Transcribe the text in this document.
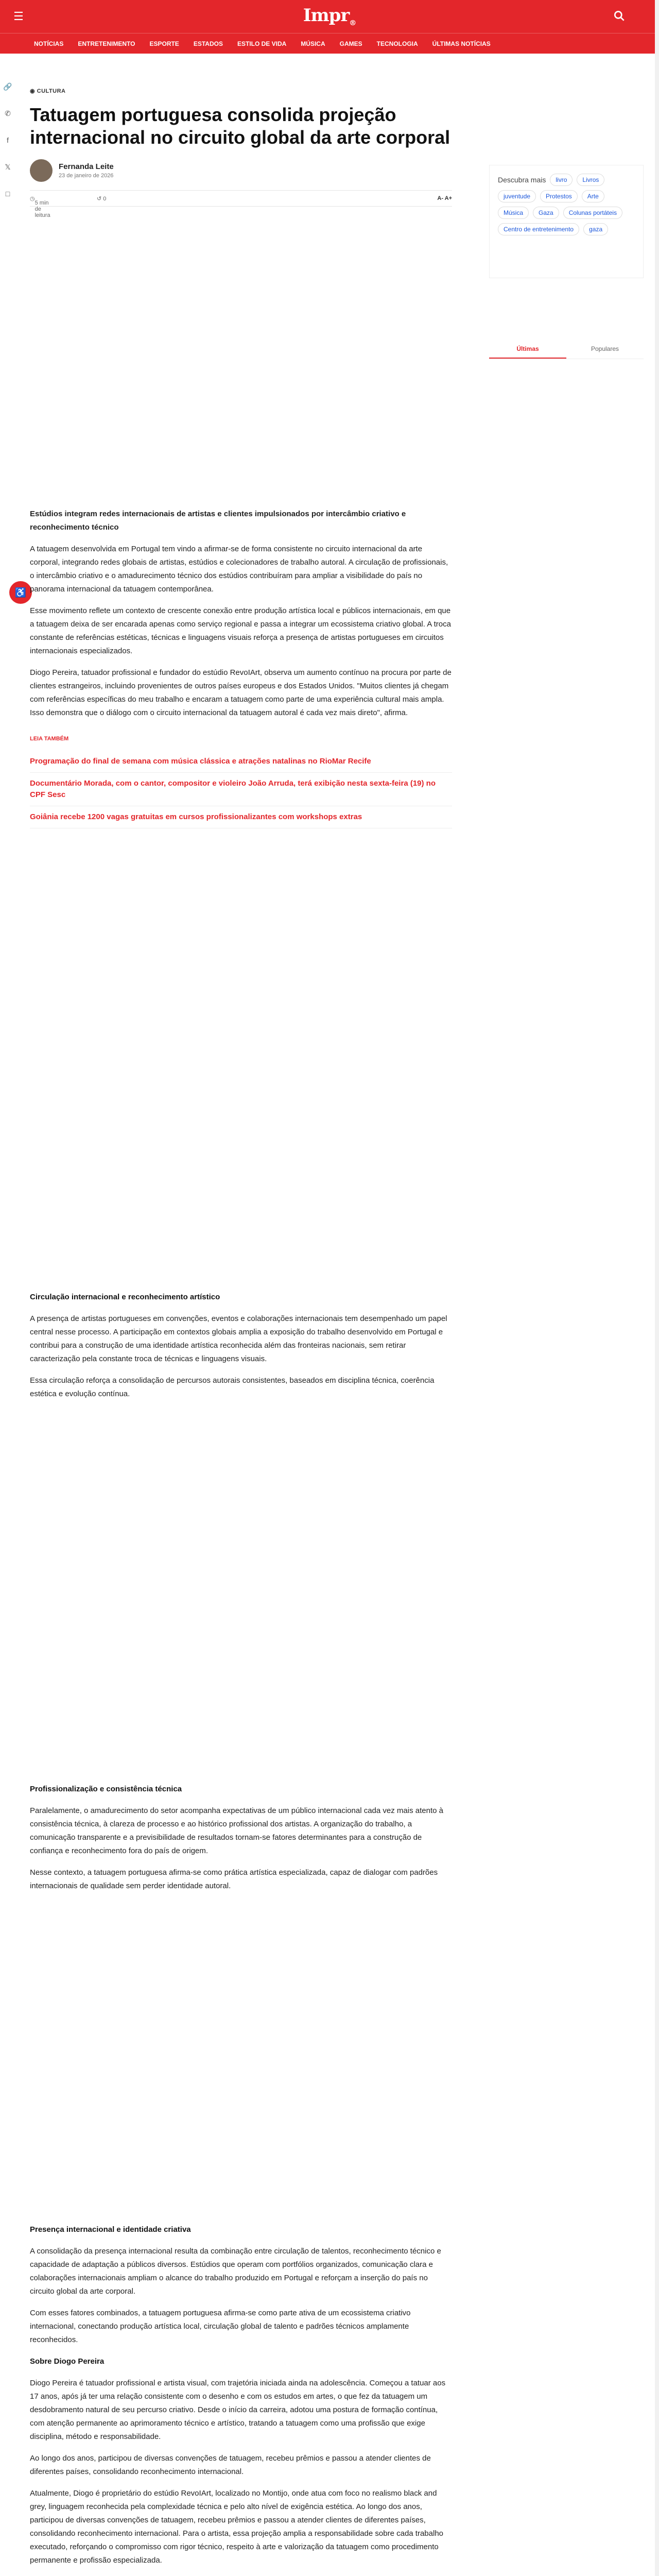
☰	Impr$_®$
NOTÍCIAS	ENTRETENIMENTO	ESPORTE	ESTADOS	ESTILO DE VIDA	MÚSICA	GAMES	TECNOLOGIA	ÚLTIMAS NOTÍCIAS
🔗
✆
f
𝕏
□
♿
◉ CULTURA
Tatuagem portuguesa consolida projeção internacional no circuito global da arte corporal
Fernanda Leite
23 de janeiro de 2026
◷
5 min de leitura
↺ 0	A- A+
Descubra mais	livro	Livros
juventude	Protestos	Arte
Música	Gaza	Colunas portáteis
Centro de entretenimento	gaza
Últimas	Populares

Estúdios integram redes internacionais de artistas e clientes impulsionados por intercâmbio criativo e reconhecimento técnico

A tatuagem desenvolvida em Portugal tem vindo a afirmar-se de forma consistente no circuito internacional da arte corporal, integrando redes globais de artistas, estúdios e colecionadores de trabalho autoral. A circulação de profissionais, o intercâmbio criativo e o amadurecimento técnico dos estúdios contribuíram para ampliar a visibilidade do país no panorama internacional da tatuagem contemporânea.

Esse movimento reflete um contexto de crescente conexão entre produção artística local e públicos internacionais, em que a tatuagem deixa de ser encarada apenas como serviço regional e passa a integrar um ecossistema criativo global. A troca constante de referências estéticas, técnicas e linguagens visuais reforça a presença de artistas portugueses em circuitos internacionais especializados.

Diogo Pereira, tatuador profissional e fundador do estúdio RevoIArt, observa um aumento contínuo na procura por parte de clientes estrangeiros, incluindo provenientes de outros países europeus e dos Estados Unidos. "Muitos clientes já chegam com referências específicas do meu trabalho e encaram a tatuagem como parte de uma experiência cultural mais ampla. Isso demonstra que o diálogo com o circuito internacional da tatuagem autoral é cada vez mais direto", afirma.

LEIA TAMBÉM
Programação do final de semana com música clássica e atrações natalinas no RioMar Recife
Documentário Morada, com o cantor, compositor e violeiro João Arruda, terá exibição nesta sexta-feira (19) no CPF Sesc
Goiânia recebe 1200 vagas gratuitas em cursos profissionalizantes com workshops extras
Circulação internacional e reconhecimento artístico

A presença de artistas portugueses em convenções, eventos e colaborações internacionais tem desempenhado um papel central nesse processo. A participação em contextos globais amplia a exposição do trabalho desenvolvido em Portugal e contribui para a construção de uma identidade artística reconhecida além das fronteiras nacionais, sem retirar caracterização pela constante troca de técnicas e linguagens visuais.

Essa circulação reforça a consolidação de percursos autorais consistentes, baseados em disciplina técnica, coerência estética e evolução contínua.

Profissionalização e consistência técnica

Paralelamente, o amadurecimento do setor acompanha expectativas de um público internacional cada vez mais atento à consistência técnica, à clareza de processo e ao histórico profissional dos artistas. A organização do trabalho, a comunicação transparente e a previsibilidade de resultados tornam-se fatores determinantes para a construção de confiança e reconhecimento fora do país de origem.

Nesse contexto, a tatuagem portuguesa afirma-se como prática artística especializada, capaz de dialogar com padrões internacionais de qualidade sem perder identidade autoral.

Presença internacional e identidade criativa

A consolidação da presença internacional resulta da combinação entre circulação de talentos, reconhecimento técnico e capacidade de adaptação a públicos diversos. Estúdios que operam com portfólios organizados, comunicação clara e colaborações internacionais ampliam o alcance do trabalho produzido em Portugal e reforçam a inserção do país no circuito global da arte corporal.

Com esses fatores combinados, a tatuagem portuguesa afirma-se como parte ativa de um ecossistema criativo internacional, conectando produção artística local, circulação global de talento e padrões técnicos amplamente reconhecidos.

Sobre Diogo Pereira

Diogo Pereira é tatuador profissional e artista visual, com trajetória iniciada ainda na adolescência. Começou a tatuar aos 17 anos, após já ter uma relação consistente com o desenho e com os estudos em artes, o que fez da tatuagem um desdobramento natural de seu percurso criativo. Desde o início da carreira, adotou uma postura de formação contínua, com atenção permanente ao aprimoramento técnico e artístico, tratando a tatuagem como uma profissão que exige disciplina, método e responsabilidade.

Ao longo dos anos, participou de diversas convenções de tatuagem, recebeu prêmios e passou a atender clientes de diferentes países, consolidando reconhecimento internacional.

Atualmente, Diogo é proprietário do estúdio RevoIArt, localizado no Montijo, onde atua com foco no realismo black and grey, linguagem reconhecida pela complexidade técnica e pelo alto nível de exigência estética. Ao longo dos anos, participou de diversas convenções de tatuagem, recebeu prêmios e passou a atender clientes de diferentes países, consolidando reconhecimento internacional. Para o artista, essa projeção amplia a responsabilidade sobre cada trabalho executado, reforçando o compromisso com rigor técnico, respeito à arte e valorização da tatuagem como procedimento permanente e profissão especializada.
